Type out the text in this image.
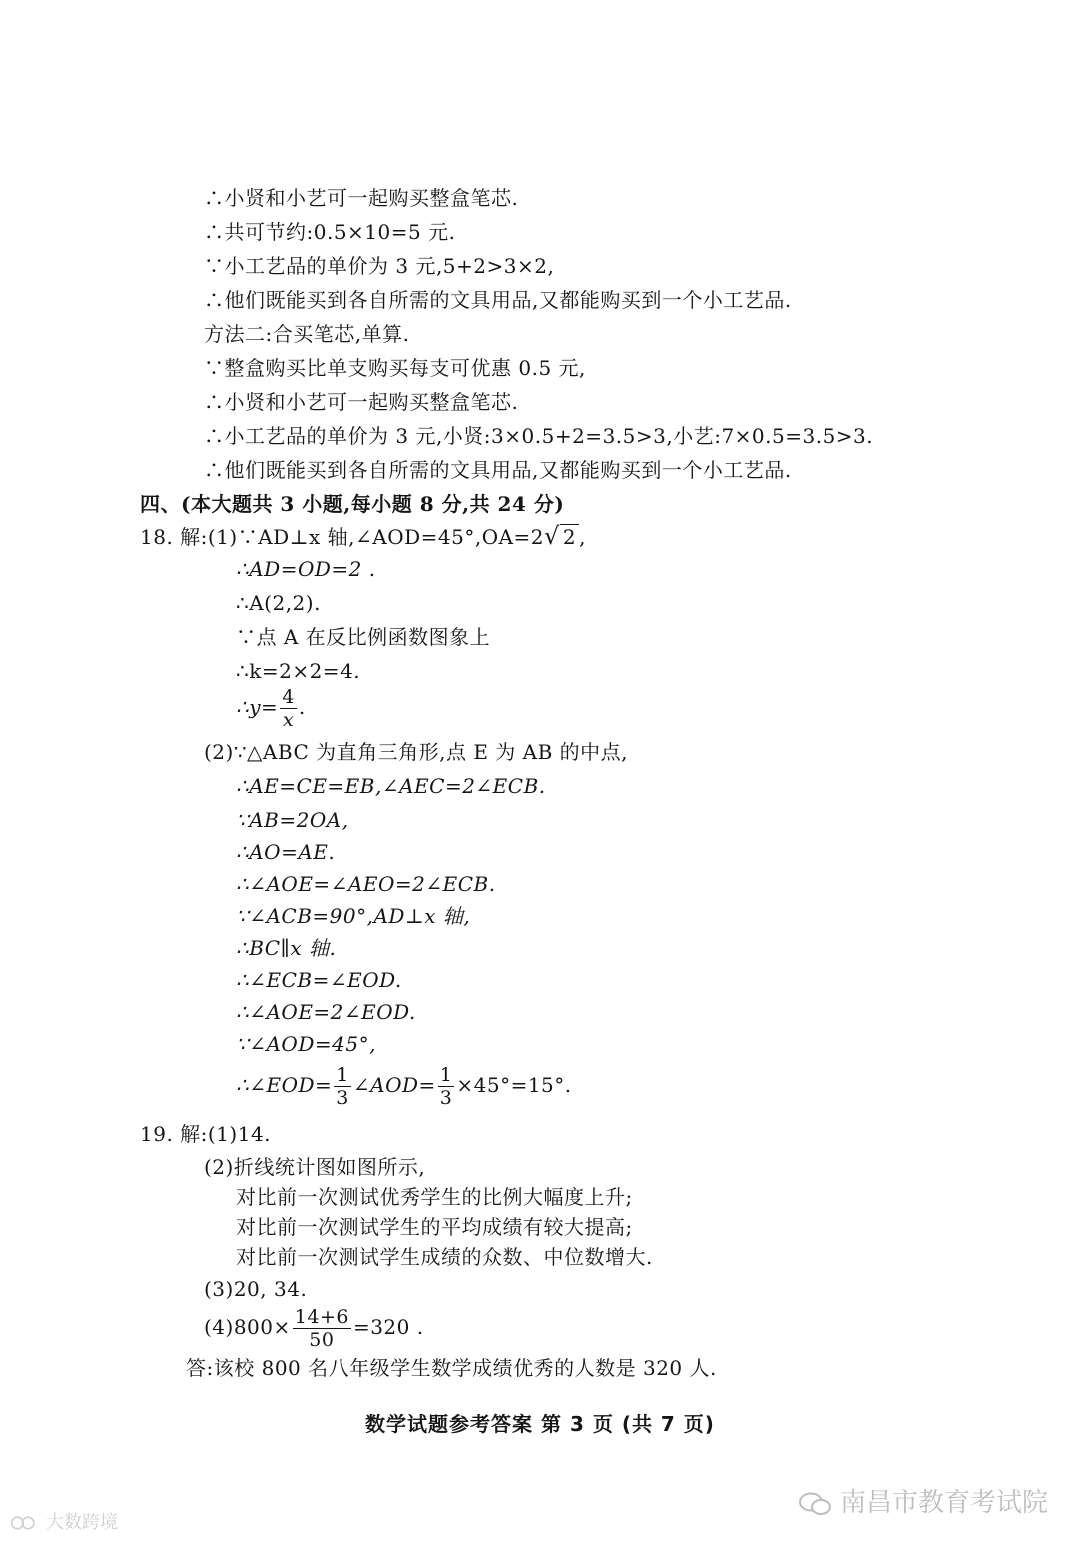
∴小贤和小艺可一起购买整盒笔芯.
∴共可节约:0.5×10=5 元.
∵小工艺品的单价为 3 元,5+2>3×2,
∴他们既能买到各自所需的文具用品,又都能购买到一个小工艺品.
方法二:合买笔芯,单算.
∵整盒购买比单支购买每支可优惠 0.5 元,
∴小贤和小艺可一起购买整盒笔芯.
∴小工艺品的单价为 3 元,小贤:3×0.5+2=3.5>3,小艺:7×0.5=3.5>3.
∴他们既能买到各自所需的文具用品,又都能购买到一个小工艺品.
四、(本大题共 3 小题,每小题 8 分,共 24 分)
18. 解:(1)∵AD⊥x 轴,∠AOD=45°,OA=2√ 2 ,
∴AD=OD=2 .
∴A(2,2).
∵点 A 在反比例函数图象上
∴k=2×2=4.
∴y= $\frac{4}{x}$ .
(2)∵△ABC 为直角三角形,点 E 为 AB 的中点,
∴AE=CE=EB,∠AEC=2∠ECB.
∵AB=2OA,
∴AO=AE.
∴∠AOE=∠AEO=2∠ECB.
∵∠ACB=90°,AD⊥x 轴,
∴BC∥x 轴.
∴∠ECB=∠EOD.
∴∠AOE=2∠EOD.
∵∠AOD=45°,
∴∠EOD= $\frac{1}{3}$ ∠AOD= $\frac{1}{3} \times 45^\circ=15^\circ$.
19. 解:(1)14.
(2)折线统计图如图所示,
对比前一次测试优秀学生的比例大幅度上升;
对比前一次测试学生的平均成绩有较大提高;
对比前一次测试学生成绩的众数、中位数增大.
(3)20, 34.
$(4)800\times \frac{14+6}{50} =320$ .
答:该校 800 名八年级学生数学成绩优秀的人数是 320 人.
数学试题参考答案 第 3 页 (共 7 页)
大数跨境
南昌市教育考试院
